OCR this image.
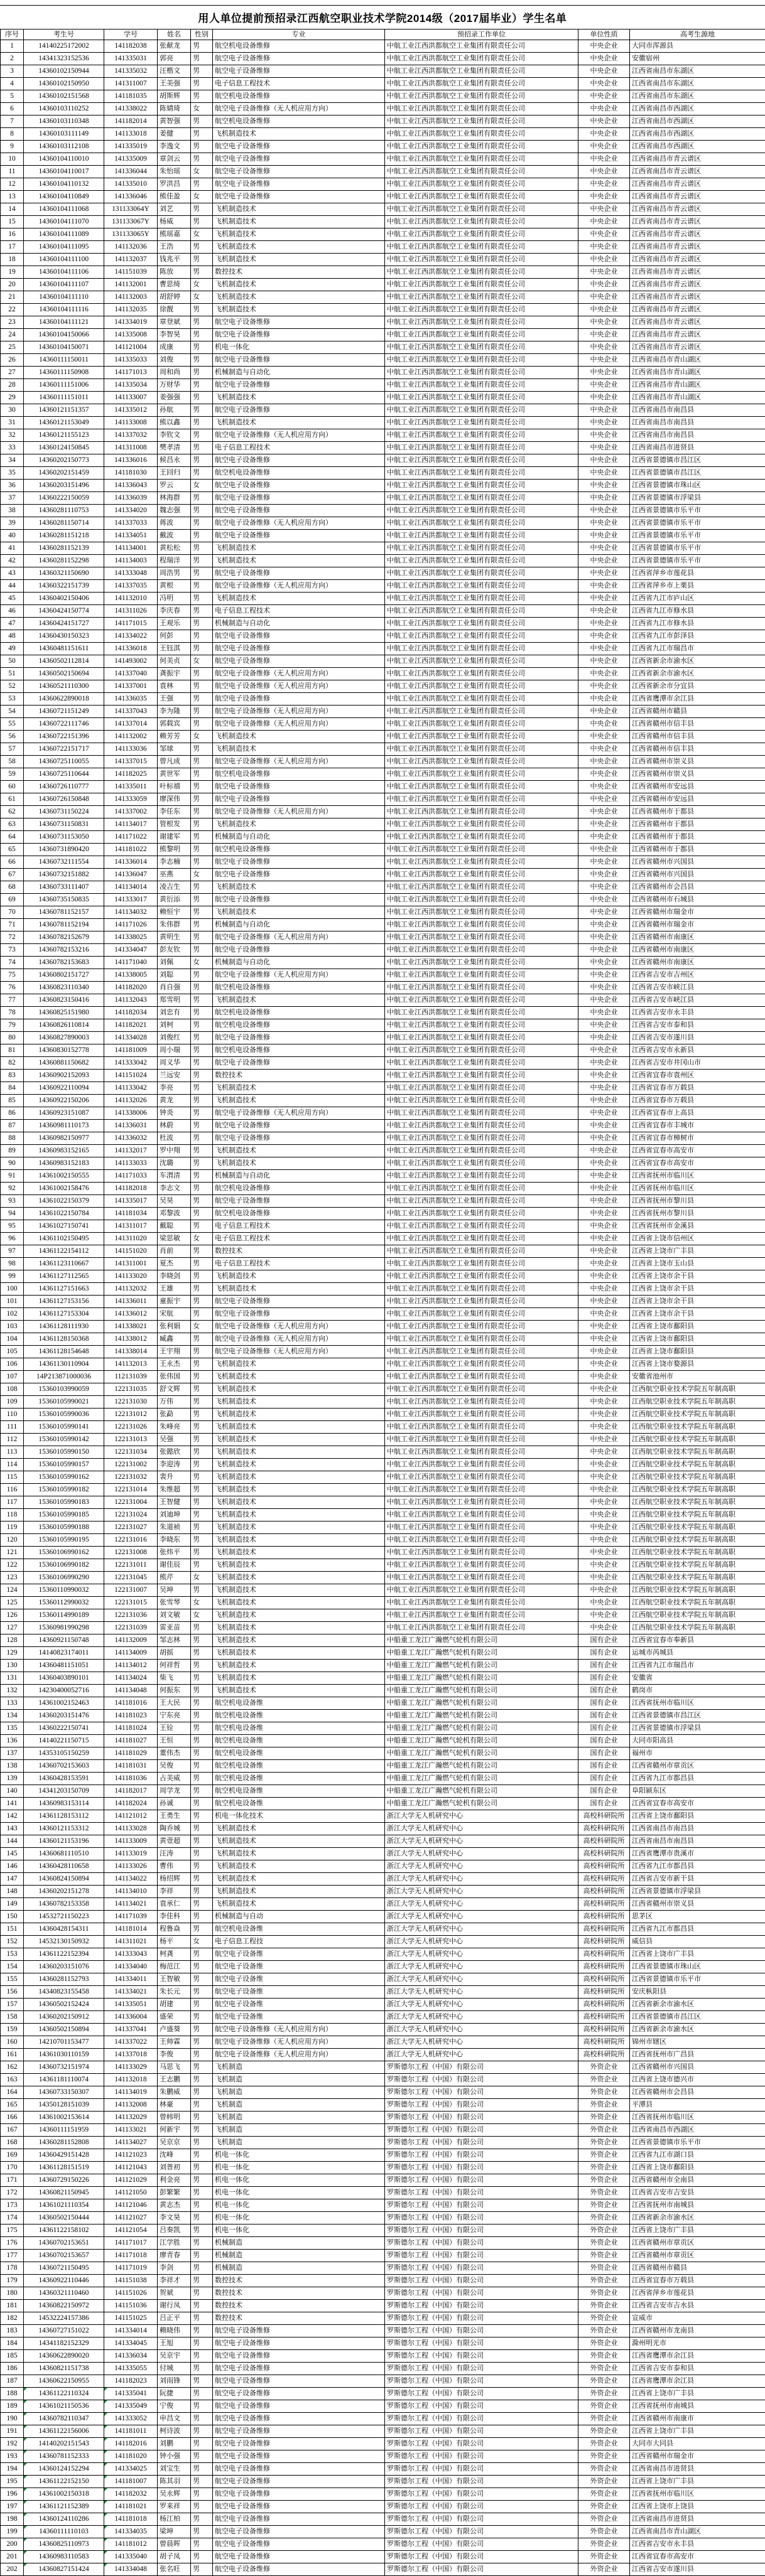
用人单位提前预招录江西航空职业技术学院2014级（2017届毕业）学生名单
序号	考生号	学号	姓名	性别	专业	预招录工作单位	单位性质	高考生源地
1	14140225172002	141182038	张献龙	男	航空机电设备维修	中航工业江西洪都航空工业集团有限责任公司	中央企业	大同市浑源县
2	14341323152536	141335031	郭亮	男	航空电子设备维修	中航工业江西洪都航空工业集团有限责任公司	中央企业	安徽宿州
3	14360102150944	141335032	汪楷文	男	航空电子设备维修	中航工业江西洪都航空工业集团有限责任公司	中央企业	江西省南昌市东湖区
4	14360102150950	141311007	王美强	男	电子信息工程技术	中航工业江西洪都航空工业集团有限责任公司	中央企业	江西省南昌市东湖区
5	14360102151568	141181035	胡斯辉	男	航空机电设备维修	中航工业江西洪都航空工业集团有限责任公司	中央企业	江西省南昌市东湖区
6	14360103110252	141338022	陈婧琦	女	航空电子设备维修（无人机应用方向）	中航工业江西洪都航空工业集团有限责任公司	中央企业	江西省南昌市西湖区
7	14360103110348	141182014	黄智强	男	航空机电设备维修	中航工业江西洪都航空工业集团有限责任公司	中央企业	江西省南昌市西湖区
8	14360103111149	141133018	姜健	男	飞机制造技术	中航工业江西洪都航空工业集团有限责任公司	中央企业	江西省南昌市西湖区
9	14360103112108	141335019	李逸文	男	航空电子设备维修	中航工业江西洪都航空工业集团有限责任公司	中央企业	江西省南昌市西湖区
10	14360104110010	141335009	章剑云	男	航空电子设备维修	中航工业江西洪都航空工业集团有限责任公司	中央企业	江西省南昌市青云谱区
11	14360104110017	141336044	朱怡瑶	女	航空电子设备维修	中航工业江西洪都航空工业集团有限责任公司	中央企业	江西省南昌市青云谱区
12	14360104110132	141335010	罗洪昌	男	航空电子设备维修	中航工业江西洪都航空工业集团有限责任公司	中央企业	江西省南昌市青云谱区
13	14360104110849	141336046	熊佳盈	女	航空电子设备维修	中航工业江西洪都航空工业集团有限责任公司	中央企业	江西省南昌市青云谱区
14	14360104111068	131133064Y	刘艺	男	飞机制造技术	中航工业江西洪都航空工业集团有限责任公司	中央企业	江西省南昌市青云谱区
15	14360104111070	131133067Y	杨威	男	飞机制造技术	中航工业江西洪都航空工业集团有限责任公司	中央企业	江西省南昌市青云谱区
16	14360104111089	131133065Y	熊瑶嘉	女	飞机制造技术	中航工业江西洪都航空工业集团有限责任公司	中央企业	江西省南昌市青云谱区
17	14360104111095	141132036	王浩	男	飞机制造技术	中航工业江西洪都航空工业集团有限责任公司	中央企业	江西省南昌市青云谱区
18	14360104111100	141132037	钱兆平	男	飞机制造技术	中航工业江西洪都航空工业集团有限责任公司	中央企业	江西省南昌市青云谱区
19	14360104111106	141151039	陈放	男	数控技术	中航工业江西洪都航空工业集团有限责任公司	中央企业	江西省南昌市青云谱区
20	14360104111107	141132001	曹思绮	女	飞机制造技术	中航工业江西洪都航空工业集团有限责任公司	中央企业	江西省南昌市青云谱区
21	14360104111110	141132003	胡舒婷	女	飞机制造技术	中航工业江西洪都航空工业集团有限责任公司	中央企业	江西省南昌市青云谱区
22	14360104111116	141132035	徐靓	男	飞机制造技术	中航工业江西洪都航空工业集团有限责任公司	中央企业	江西省南昌市青云谱区
23	14360104111121	141334019	章登斌	男	航空电子设备维修	中航工业江西洪都航空工业集团有限责任公司	中央企业	江西省南昌市青云谱区
24	14360104150066	141335008	李智昊	男	航空电子设备维修	中航工业江西洪都航空工业集团有限责任公司	中央企业	江西省南昌市青云谱区
25	14360104150071	141121004	成康	男	机电一体化	中航工业江西洪都航空工业集团有限责任公司	中央企业	江西省南昌市青云谱区
26	14360111150011	141335033	刘俊	男	航空电子设备维修	中航工业江西洪都航空工业集团有限责任公司	中央企业	江西省南昌市青山湖区
27	14360111150908	141171013	周和尚	男	机械制造与自动化	中航工业江西洪都航空工业集团有限责任公司	中央企业	江西省南昌市青山湖区
28	14360111151006	141335034	万财华	男	航空电子设备维修	中航工业江西洪都航空工业集团有限责任公司	中央企业	江西省南昌市青山湖区
29	14360111151011	141133007	姜强强	男	飞机制造技术	中航工业江西洪都航空工业集团有限责任公司	中央企业	江西省南昌市青山湖区
30	14360121151357	141335012	孙航	男	航空电子设备维修	中航工业江西洪都航空工业集团有限责任公司	中央企业	江西省南昌市南昌县
31	14360121153049	141133008	熊以鑫	男	飞机制造技术	中航工业江西洪都航空工业集团有限责任公司	中央企业	江西省南昌市南昌县
32	14360121155123	141337032	李钦文	男	航空电子设备维修（无人机应用方向）	中航工业江西洪都航空工业集团有限责任公司	中央企业	江西省南昌市南昌县
33	14360124150845	141311008	樊孝清	男	电子信息工程技术	中航工业江西洪都航空工业集团有限责任公司	中央企业	江西省南昌市进贤县
34	14360202150773	141336016	候昌永	男	航空电子设备维修	中航工业江西洪都航空工业集团有限责任公司	中央企业	江西省景德镇市昌江区
35	14360202151459	141181030	王回归	男	航空机电设备维修	中航工业江西洪都航空工业集团有限责任公司	中央企业	江西省景德镇市昌江区
36	14360203151496	141336043	罗云	女	航空电子设备维修	中航工业江西洪都航空工业集团有限责任公司	中央企业	江西省景德镇市珠山区
37	14360222150059	141336039	林海群	男	航空电子设备维修	中航工业江西洪都航空工业集团有限责任公司	中央企业	江西省景德镇市浮梁县
38	14360281110753	141334020	魏志强	男	航空电子设备维修	中航工业江西洪都航空工业集团有限责任公司	中央企业	江西省景德镇市乐平市
39	14360281150714	141337033	蒋波	男	航空电子设备维修（无人机应用方向）	中航工业江西洪都航空工业集团有限责任公司	中央企业	江西省景德镇市乐平市
40	14360281151218	141334051	戴波	男	航空电子设备维修	中航工业江西洪都航空工业集团有限责任公司	中央企业	江西省景德镇市乐平市
41	14360281152139	141134001	黄松松	男	飞机制造技术	中航工业江西洪都航空工业集团有限责任公司	中央企业	江西省景德镇市乐平市
42	14360281152298	141134003	程瑞洋	男	飞机制造技术	中航工业江西洪都航空工业集团有限责任公司	中央企业	江西省景德镇市乐平市
43	14360321150690	141333048	周浩男	男	航空电子设备维修	中航工业江西洪都航空工业集团有限责任公司	中央企业	江西省萍乡市莲花县
44	14360322151739	141337035	黄根	男	航空电子设备维修（无人机应用方向）	中航工业江西洪都航空工业集团有限责任公司	中央企业	江西省萍乡市上栗县
45	14360402150406	141132010	冯明	男	飞机制造技术	中航工业江西洪都航空工业集团有限责任公司	中央企业	江西省九江市庐山区
46	14360424150774	141311026	李庆春	男	电子信息工程技术	中航工业江西洪都航空工业集团有限责任公司	中央企业	江西省九江市修水县
47	14360424151727	141171015	王观乐	男	机械制造与自动化	中航工业江西洪都航空工业集团有限责任公司	中央企业	江西省九江市修水县
48	14360430150323	141334022	何彭	男	航空电子设备维修	中航工业江西洪都航空工业集团有限责任公司	中央企业	江西省九江市彭泽县
49	14360481151611	141336018	王钰淇	男	航空电子设备维修	中航工业江西洪都航空工业集团有限责任公司	中央企业	江西省九江市瑞昌市
50	14360502112814	141493002	何美贞	女	航空电子设备维修	中航工业江西洪都航空工业集团有限责任公司	中央企业	江西省新余市渝水区
51	14360502150694	141337040	龚振宇	男	航空电子设备维修（无人机应用方向）	中航工业江西洪都航空工业集团有限责任公司	中央企业	江西省新余市渝水区
52	14360521110300	141337001	袁林	男	航空电子设备维修（无人机应用方向）	中航工业江西洪都航空工业集团有限责任公司	中央企业	江西省新余市分宜县
53	14360622890018	141336035	王强	男	航空电子设备维修	中航工业江西洪都航空工业集团有限责任公司	中央企业	江西省鹰潭市余江县
54	14360721151249	141337043	李为隆	男	航空电子设备维修（无人机应用方向）	中航工业江西洪都航空工业集团有限责任公司	中央企业	江西省赣州市赣县
55	14360722111746	141337014	郭载宾	男	航空电子设备维修（无人机应用方向）	中航工业江西洪都航空工业集团有限责任公司	中央企业	江西省赣州市信丰县
56	14360722151396	141132002	赖芳芳	女	飞机制造技术	中航工业江西洪都航空工业集团有限责任公司	中央企业	江西省赣州市信丰县
57	14360722151717	141133036	邹球	男	飞机制造技术	中航工业江西洪都航空工业集团有限责任公司	中央企业	江西省赣州市信丰县
58	14360725110055	141337015	曾凡成	男	航空电子设备维修（无人机应用方向）	中航工业江西洪都航空工业集团有限责任公司	中央企业	江西省赣州市崇义县
59	14360725110644	141182025	黄世军	男	航空机电设备维修	中航工业江西洪都航空工业集团有限责任公司	中央企业	江西省赣州市崇义县
60	14360726110777	141335011	叶标禧	男	航空电子设备维修	中航工业江西洪都航空工业集团有限责任公司	中央企业	江西省赣州市安远县
61	14360726150848	141333059	廖深伟	男	航空电子设备维修	中航工业江西洪都航空工业集团有限责任公司	中央企业	江西省赣州市安远县
62	14360731150224	141337002	李任东	男	航空电子设备维修（无人机应用方向）	中航工业江西洪都航空工业集团有限责任公司	中央企业	江西省赣州市于都县
63	14360731150831	141134017	管根发	男	飞机制造技术	中航工业江西洪都航空工业集团有限责任公司	中央企业	江西省赣州市于都县
64	14360731153050	141171022	谢建军	男	机械制造与自动化	中航工业江西洪都航空工业集团有限责任公司	中央企业	江西省赣州市于都县
65	14360731890420	141181022	熊黎明	男	航空机电设备维修	中航工业江西洪都航空工业集团有限责任公司	中央企业	江西省赣州市于都县
66	14360732111554	141336014	李志楠	男	航空电子设备维修	中航工业江西洪都航空工业集团有限责任公司	中央企业	江西省赣州市兴国县
67	14360732151882	141336047	巫燕	女	航空电子设备维修	中航工业江西洪都航空工业集团有限责任公司	中央企业	江西省赣州市兴国县
68	14360733111407	141134014	凌吉生	男	飞机制造技术	中航工业江西洪都航空工业集团有限责任公司	中央企业	江西省赣州市会昌县
69	14360735150835	141333017	黄衍添	男	航空电子设备维修	中航工业江西洪都航空工业集团有限责任公司	中央企业	江西省赣州市石城县
70	14360781152157	141134032	赖恒宇	男	飞机制造技术	中航工业江西洪都航空工业集团有限责任公司	中央企业	江西省赣州市瑞金市
71	14360781152194	141171026	朱伟群	男	机械制造与自动化	中航工业江西洪都航空工业集团有限责任公司	中央企业	江西省赣州市瑞金市
72	14360782152679	141338025	黄明生	男	航空电子设备维修（无人机应用方向）	中航工业江西洪都航空工业集团有限责任公司	中央企业	江西省赣州市南康区
73	14360782153216	141334047	彭友钦	男	航空电子设备维修	中航工业江西洪都航空工业集团有限责任公司	中央企业	江西省赣州市南康区
74	14360782153683	141171040	刘佩	女	机械制造与自动化	中航工业江西洪都航空工业集团有限责任公司	中央企业	江西省赣州市南康区
75	14360802151727	141338005	刘聪	男	航空电子设备维修（无人机应用方向）	中航工业江西洪都航空工业集团有限责任公司	中央企业	江西省吉安市吉州区
76	14360823110340	141182020	肖自强	男	航空机电设备维修	中航工业江西洪都航空工业集团有限责任公司	中央企业	江西省吉安市峡江县
77	14360823150416	141132043	郑雪明	男	飞机制造技术	中航工业江西洪都航空工业集团有限责任公司	中央企业	江西省吉安市峡江县
78	14360825151980	141182034	刘忠有	男	航空机电设备维修	中航工业江西洪都航空工业集团有限责任公司	中央企业	江西省吉安市永丰县
79	14360826110814	141182021	刘柯	男	航空机电设备维修	中航工业江西洪都航空工业集团有限责任公司	中央企业	江西省吉安市泰和县
80	14360827890003	141334028	刘俊红	男	航空电子设备维修	中航工业江西洪都航空工业集团有限责任公司	中央企业	江西省吉安市遂川县
81	14360830152778	141181009	周小瑞	男	航空机电设备维修	中航工业江西洪都航空工业集团有限责任公司	中央企业	江西省吉安市永新县
82	14360881150682	141333042	周义华	男	航空电子设备维修	中航工业江西洪都航空工业集团有限责任公司	中央企业	江西省吉安市井冈山市
83	14360902152093	141151024	兰远安	男	数控技术	中航工业江西洪都航空工业集团有限责任公司	中央企业	江西省宜春市袁州区
84	14360922110094	141133042	李亮	男	飞机制造技术	中航工业江西洪都航空工业集团有限责任公司	中央企业	江西省宜春市万载县
85	14360922150206	141132026	黄龙	男	飞机制造技术	中航工业江西洪都航空工业集团有限责任公司	中央企业	江西省宜春市万载县
86	14360923151087	141338006	钟炎	男	航空电子设备维修（无人机应用方向）	中航工业江西洪都航空工业集团有限责任公司	中央企业	江西省宜春市上高县
87	14360981110173	141336031	林蔚	男	航空电子设备维修	中航工业江西洪都航空工业集团有限责任公司	中央企业	江西省宜春市丰城市
88	14360982150977	141336032	杜波	男	航空电子设备维修	中航工业江西洪都航空工业集团有限责任公司	中央企业	江西省宜春市樟树市
89	14360983152165	141132017	罗中翔	男	飞机制造技术	中航工业江西洪都航空工业集团有限责任公司	中央企业	江西省宜春市高安市
90	14360983152183	141133033	沈璐	男	飞机制造技术	中航工业江西洪都航空工业集团有限责任公司	中央企业	江西省宜春市高安市
91	14361002150555	141171033	车渭清	男	机械制造与自动化	中航工业江西洪都航空工业集团有限责任公司	中央企业	江西省抚州市临川区
92	14361002158476	141182018	李志文	男	航空机电设备维修	中航工业江西洪都航空工业集团有限责任公司	中央企业	江西省抚州市临川区
93	14361022150379	141335017	吴昊	男	航空电子设备维修	中航工业江西洪都航空工业集团有限责任公司	中央企业	江西省抚州市黎川县
94	14361022150784	141181034	邓黎波	男	航空机电设备维修	中航工业江西洪都航空工业集团有限责任公司	中央企业	江西省抚州市黎川县
95	14361027150741	141311017	戴聪	男	电子信息工程技术	中航工业江西洪都航空工业集团有限责任公司	中央企业	江西省抚州市金溪县
96	14361102150495	141311020	梁思敏	女	电子信息工程技术	中航工业江西洪都航空工业集团有限责任公司	中央企业	江西省上饶市信州区
97	14361122154112	141151020	肖前	男	数控技术	中航工业江西洪都航空工业集团有限责任公司	中央企业	江西省上饶市广丰县
98	14361123110667	141311001	夏杰	男	电子信息工程技术	中航工业江西洪都航空工业集团有限责任公司	中央企业	江西省上饶市玉山县
99	14361127112565	141133020	李晓剑	男	飞机制造技术	中航工业江西洪都航空工业集团有限责任公司	中央企业	江西省上饶市余干县
100	14361127151663	141132032	王雄	男	飞机制造技术	中航工业江西洪都航空工业集团有限责任公司	中央企业	江西省上饶市余干县
101	14361127153156	141336011	童振宇	男	航空电子设备维修	中航工业江西洪都航空工业集团有限责任公司	中央企业	江西省上饶市余干县
102	14361127153304	141336012	宋航	男	航空电子设备维修	中航工业江西洪都航空工业集团有限责任公司	中央企业	江西省上饶市余干县
103	14361128111930	141338021	张利娟	女	航空电子设备维修（无人机应用方向）	中航工业江西洪都航空工业集团有限责任公司	中央企业	江西省上饶市鄱阳县
104	14361128150368	141338012	臧鑫	男	航空电子设备维修（无人机应用方向）	中航工业江西洪都航空工业集团有限责任公司	中央企业	江西省上饶市鄱阳县
105	14361128154648	141338014	王宇翔	男	航空电子设备维修（无人机应用方向）	中航工业江西洪都航空工业集团有限责任公司	中央企业	江西省上饶市鄱阳县
106	14361130110904	141132013	王永杰	男	飞机制造技术	中航工业江西洪都航空工业集团有限责任公司	中央企业	江西省上饶市婺源县
107	14P213871000036	112131039	张伟国	男	飞机制造技术	中航工业江西洪都航空工业集团有限责任公司	中央企业	安徽省池州市
108	15360103990059	122131035	舒文辉	男	飞机制造技术	中航工业江西洪都航空工业集团有限责任公司	中央企业	江西航空职业技术学院五年制高职
109	15360105990021	122131030	万伟	男	飞机制造技术	中航工业江西洪都航空工业集团有限责任公司	中央企业	江西航空职业技术学院五年制高职
110	15360105990036	122131012	张勐	男	飞机制造技术	中航工业江西洪都航空工业集团有限责任公司	中央企业	江西航空职业技术学院五年制高职
111	15360105990141	122131026	朱峰亮	男	飞机制造技术	中航工业江西洪都航空工业集团有限责任公司	中央企业	江西航空职业技术学院五年制高职
112	15360105990142	122131013	吴强	男	飞机制造技术	中航工业江西洪都航空工业集团有限责任公司	中央企业	江西航空职业技术学院五年制高职
113	15360105990150	122131034	张懿欣	男	飞机制造技术	中航工业江西洪都航空工业集团有限责任公司	中央企业	江西航空职业技术学院五年制高职
114	15360105990157	122131002	李迎涛	男	飞机制造技术	中航工业江西洪都航空工业集团有限责任公司	中央企业	江西航空职业技术学院五年制高职
115	15360105990162	122131032	裴升	男	飞机制造技术	中航工业江西洪都航空工业集团有限责任公司	中央企业	江西航空职业技术学院五年制高职
116	15360105990182	122131014	朱维超	男	飞机制造技术	中航工业江西洪都航空工业集团有限责任公司	中央企业	江西航空职业技术学院五年制高职
117	15360105990183	122131004	王智健	男	飞机制造技术	中航工业江西洪都航空工业集团有限责任公司	中央企业	江西航空职业技术学院五年制高职
118	15360105990185	122131024	刘迪坤	男	飞机制造技术	中航工业江西洪都航空工业集团有限责任公司	中央企业	江西航空职业技术学院五年制高职
119	15360105990188	122131027	朱道祯	男	飞机制造技术	中航工业江西洪都航空工业集团有限责任公司	中央企业	江西航空职业技术学院五年制高职
120	15360105990195	122131016	李晓东	男	飞机制造技术	中航工业江西洪都航空工业集团有限责任公司	中央企业	江西航空职业技术学院五年制高职
121	15360106990162	122131008	张炜平	男	飞机制造技术	中航工业江西洪都航空工业集团有限责任公司	中央企业	江西航空职业技术学院五年制高职
122	15360106990182	122131011	谢佳辰	男	飞机制造技术	中航工业江西洪都航空工业集团有限责任公司	中央企业	江西航空职业技术学院五年制高职
123	15360106990290	122131045	熊芹	女	飞机制造技术	中航工业江西洪都航空工业集团有限责任公司	中央企业	江西航空职业技术学院五年制高职
124	15360110990032	122131007	吴坤	男	飞机制造技术	中航工业江西洪都航空工业集团有限责任公司	中央企业	江西航空职业技术学院五年制高职
125	15360112990032	122131015	张雪琴	女	飞机制造技术	中航工业江西洪都航空工业集团有限责任公司	中央企业	江西航空职业技术学院五年制高职
126	15360114990189	122131036	刘文敏	女	飞机制造技术	中航工业江西洪都航空工业集团有限责任公司	中央企业	江西航空职业技术学院五年制高职
127	15360981990298	122131039	雷亚苗	男	飞机制造技术	中航工业江西洪都航空工业集团有限责任公司	中央企业	江西航空职业技术学院五年制高职
128	14360921150748	141132009	邹志林	男	飞机制造技术	中船重工龙江广瀚燃气轮机有限公司	国有企业	江西省宜春市奉新县
129	14140823174011	141134009	胡摇	男	飞机制造技术	中船重工龙江广瀚燃气轮机有限公司	国有企业	运城市芮城县
130	14360481151051	141134012	何祥哲	男	飞机制造技术	中船重工龙江广瀚燃气轮机有限公司	国有企业	江西省九江市瑞昌市
131	14360403890101	141134024	柴飞	男	飞机制造技术	中船重工龙江广瀚燃气轮机有限公司	国有企业	安徽省
132	14230400052716	141134048	何振东	男	飞机制造技术	中船重工龙江广瀚燃气轮机有限公司	国有企业	鹤岗市
133	14361002152463	141181016	王大民	男	航空机电设备维	中船重工龙江广瀚燃气轮机有限公司	国有企业	江西省抚州市临川区
134	14360203151476	141181023	宁东亮	男	航空机电设备维	中船重工龙江广瀚燃气轮机有限公司	国有企业	江西省景德镇市昌江区
135	14360222150741	141181024	王铨	男	航空机电设备维	中船重工龙江广瀚燃气轮机有限公司	国有企业	江西省景德镇市浮梁县
136	14140221150715	141181027	王恒	男	航空机电设备维	中船重工龙江广瀚燃气轮机有限公司	国有企业	大同市阳高县
137	14353105150259	141181029	董伟杰	男	航空机电设备维	中船重工龙江广瀚燃气轮机有限公司	国有企业	福州市
138	14360702153603	141181031	吴俊	男	航空机电设备维	中船重工龙江广瀚燃气轮机有限公司	国有企业	江西省赣州市章贡区
139	14360428153591	141181036	占美威	男	航空机电设备维	中船重工龙江广瀚燃气轮机有限公司	国有企业	江西省九江市都昌县
140	14341203150709	141182017	周学龙	男	航空机电设备维	中船重工龙江广瀚燃气轮机有限公司	国有企业	阜阳颍东区
141	14360983153114	141182024	孙诚	男	航空机电设备维	中船重工龙江广瀚燃气轮机有限公司	国有企业	江西省宜春市高安市
142	14361128153112	141121012	王勇生	男	机电一体化技术	浙江大学无人机研究中心	高校科研院所	江西省上饶市鄱阳县
143	14360121153312	141133028	陶乔城	男	飞机制造技术	浙江大学无人机研究中心	高校科研院所	江西省南昌市南昌县
144	14360121153196	141133009	黄壹超	男	飞机制造技术	浙江大学无人机研究中心	高校科研院所	江西省南昌市南昌县
145	14360681110510	141133019	汪涛	男	飞机制造技术	浙江大学无人机研究中心	高校科研院所	江西省鹰潭市贵溪市
146	14360428110658	141133026	曹伟	男	飞机制造技术	浙江大学无人机研究中心	高校科研院所	江西省九江市都昌县
147	14360824150894	141134022	杨绍辉	男	飞机制造技术	浙江大学无人机研究中心	高校科研院所	江西省吉安市新干县
148	14360202151278	141134010	李祥	男	飞机制造技术	浙江大学无人机研究中心	高校科研院所	江西省景德镇市浮梁县
149	14360782153358	141134021	袁承仁	男	飞机制造技术	浙江大学无人机研究中心	高校科研院所	江西省赣州市崇义县
150	14532721150223	141171039	李佳科	男	机械制造与自动	浙江大学无人机研究中心	高校科研院所	思茅区
151	14360428154311	141181014	程鲁焱	男	航空机电设备维	浙江大学无人机研究中心	高校科研院所	江西省九江市都昌县
152	14532130150932	141311021	杨平	女	电子信息工程技	浙江大学无人机研究中心	高校科研院所	威信县
153	14361122152394	141333043	柯龚	男	航空电子设备维	浙江大学无人机研究中心	高校科研院所	江西省上饶市广丰县
154	14360203151076	141334040	梅范江	男	航空电子设备维	浙江大学无人机研究中心	高校科研院所	江西省景德镇市珠山区
155	14360281152793	141334011	王智敏	男	航空电子设备维	浙江大学无人机研究中心	高校科研院所	江西省景德镇市乐平市
156	14340823155458	141334021	朱长元	男	航空电子设备维	浙江大学无人机研究中心	高校科研院所	安庆枞阳县
157	14360502152424	141335051	胡建	男	航空电子设备维	浙江大学无人机研究中心	高校科研院所	江西省新余市渝水区
158	14360202150912	141336004	盛荣	男	航空电子设备维	浙江大学无人机研究中心	高校科研院所	江西省景德镇市昌江区
159	14360502150894	141337041	卢盛葵	男	航空电子设备维修（无人机应用方向）	浙江大学无人机研究中心	高校科研院所	江西省新余市渝水区
160	14210701153477	141337022	王帅霖	男	航空电子设备维修（无人机应用方向）	浙江大学无人机研究中心	高校科研院所	锦州市辖区
161	14361030110159	141337018	李俊	男	航空电子设备维修（无人机应用方向）	浙江大学无人机研究中心	高校科研院所	江西省抚州市广昌县
162	14360732151974	141133029	马思飞	男	飞机制造	罗斯德尔工程（中国）有限公司	外资企业	江西省赣州市兴国县
163	14361181110074	141132018	王志鹏	男	飞机制造	罗斯德尔工程（中国）有限公司	外资企业	江西省上饶市德兴市
164	14360733150307	141134019	朱鹏威	男	飞机制造	罗斯德尔工程（中国）有限公司	外资企业	江西省赣州市会昌县
165	14350128151039	141132008	林豪	男	飞机制造	罗斯德尔工程（中国）有限公司	外资企业	平潭县
166	14361002153614	141132029	曾帏明	男	飞机制造	罗斯德尔工程（中国）有限公司	外资企业	江西省抚州市临川区
167	14360111151959	141133021	何新宇	男	飞机制造	罗斯德尔工程（中国）有限公司	外资企业	江西省南昌市西湖区
168	14360281152808	141134027	吴京京	男	飞机制造	罗斯德尔工程（中国）有限公司	外资企业	江西省景德镇市乐平市
169	14360429151428	141121023	沈峰	男	机电一体化	罗斯德尔工程（中国）有限公司	外资企业	江西省九江市湖口县
170	14361128151519	141121043	刘普初	男	机电一体化	罗斯德尔工程（中国）有限公司	外资企业	江西省上饶市鄱阳县
171	14360729150226	141121029	利金亮	男	机电一体化	罗斯德尔工程（中国）有限公司	外资企业	江西省赣州市全南县
172	14360821150945	141121050	彭繁繁	男	机电一体化	罗斯德尔工程（中国）有限公司	外资企业	江西省吉安市吉安县
173	14361021110354	141121046	黄志杰	男	机电一体化	罗斯德尔工程（中国）有限公司	外资企业	江西省抚州市南城县
174	14360502150444	141121027	李文昊	男	机电一体化	罗斯德尔工程（中国）有限公司	外资企业	江西省新余市渝水区
175	14361122158102	141121054	吕奏凯	男	机电一体化	罗斯德尔工程（中国）有限公司	外资企业	江西省上饶市广丰县
176	14360702153651	141171017	江学胜	男	机械制造	罗斯德尔工程（中国）有限公司	外资企业	江西省赣州市章贡区
177	14360702153657	141171018	廖青春	男	机械制造	罗斯德尔工程（中国）有限公司	外资企业	江西省赣州市章贡区
178	14360721150495	141171019	李剑	男	机械制造	罗斯德尔工程（中国）有限公司	外资企业	江西省赣州市赣县
179	14360922110446	141151038	李祥才	男	数控技术	罗斯德尔工程（中国）有限公司	外资企业	江西省宜春市万载县
180	14360321110460	141151026	贺斌	男	数控技术	罗斯德尔工程（中国）有限公司	外资企业	江西省萍乡市莲花县
181	14360822150972	141151036	谢行凤	男	数控技术	罗斯德尔工程（中国）有限公司	外资企业	江西省吉安市吉水县
182	14532224157386	141151025	吕正平	男	数控技术	罗斯德尔工程（中国）有限公司	外资企业	宣威市
183	14360727151022	141334014	赖晓伟	男	航空电子设备维修	罗斯德尔工程（中国）有限公司	外资企业	江西省赣州市龙南县
184	14341182152329	141334045	王旭	男	航空电子设备维修	罗斯德尔工程（中国）有限公司	外资企业	滁州明光市
185	14360622890020	141336034	吴京宇	男	航空电子设备维修	罗斯德尔工程（中国）有限公司	外资企业	江西省鹰潭市余江县
186	14360821151738	141335055	付城	男	航空电子设备维修	罗斯德尔工程（中国）有限公司	外资企业	江西省吉安市泰和县
187	14360622150955	141182023	刘雨锋	男	航空电子设备维修	罗斯德尔工程（中国）有限公司	外资企业	江西省鹰潭市余江县
188	14361122110324	141335041	阮捷	男	航空电子设备维修	罗斯德尔工程（中国）有限公司	外资企业	江西省上饶市广丰县
189	14361021150536	141335049	宁俊	男	航空电子设备维修	罗斯德尔工程（中国）有限公司	外资企业	江西省抚州市南城县
190	14360782110347	141333052	申昌文	男	航空电子设备维修	罗斯德尔工程（中国）有限公司	外资企业	江西省赣州市南康市
191	14361122156006	141181011	柯诗波	男	航空电子设备维修	罗斯德尔工程（中国）有限公司	外资企业	江西省上饶市广丰县
192	14140202151543	141182016	刘鹏	男	航空电子设备维修	罗斯德尔工程（中国）有限公司	外资企业	大同市大同县
193	14360781152333	141181020	钟小强	男	航空电子设备维修	罗斯德尔工程（中国）有限公司	外资企业	江西省赣州市瑞金市
194	14360124152294	141334025	刘宝生	男	航空电子设备维修	罗斯德尔工程（中国）有限公司	外资企业	江西省南昌市进贤县
195	14361122152150	141181007	陈其羽	男	航空电子设备维修	罗斯德尔工程（中国）有限公司	外资企业	江西省上饶市广丰县
196	14361002150318	141182032	吴永辉	男	航空电子设备维修	罗斯德尔工程（中国）有限公司	外资企业	江西省抚州市临川区
197	14361121152389	141181021	罗来祥	男	航空电子设备维修	罗斯德尔工程（中国）有限公司	外资企业	江西省上饶市上饶县
198	14360124110286	141181018	杨江柏	男	航空电子设备维修	罗斯德尔工程（中国）有限公司	外资企业	江西省南昌市进贤县
199	14360111110103	141334035	梁坤	男	航空电子设备维修	罗斯德尔工程（中国）有限公司	外资企业	江西省南昌市青山湖区
200	14360825110973	141181012	曾晨晖	男	航空电子设备维修	罗斯德尔工程（中国）有限公司	外资企业	江西省吉安市永丰县
201	14360983110583	141335040	胡子凤	男	航空电子设备维修	罗斯德尔工程（中国）有限公司	外资企业	江西省宜春市高安市
202	14360827151424	141334048	张名旺	男	航空电子设备维修	罗斯德尔工程（中国）有限公司	外资企业	江西省吉安市遂川县
